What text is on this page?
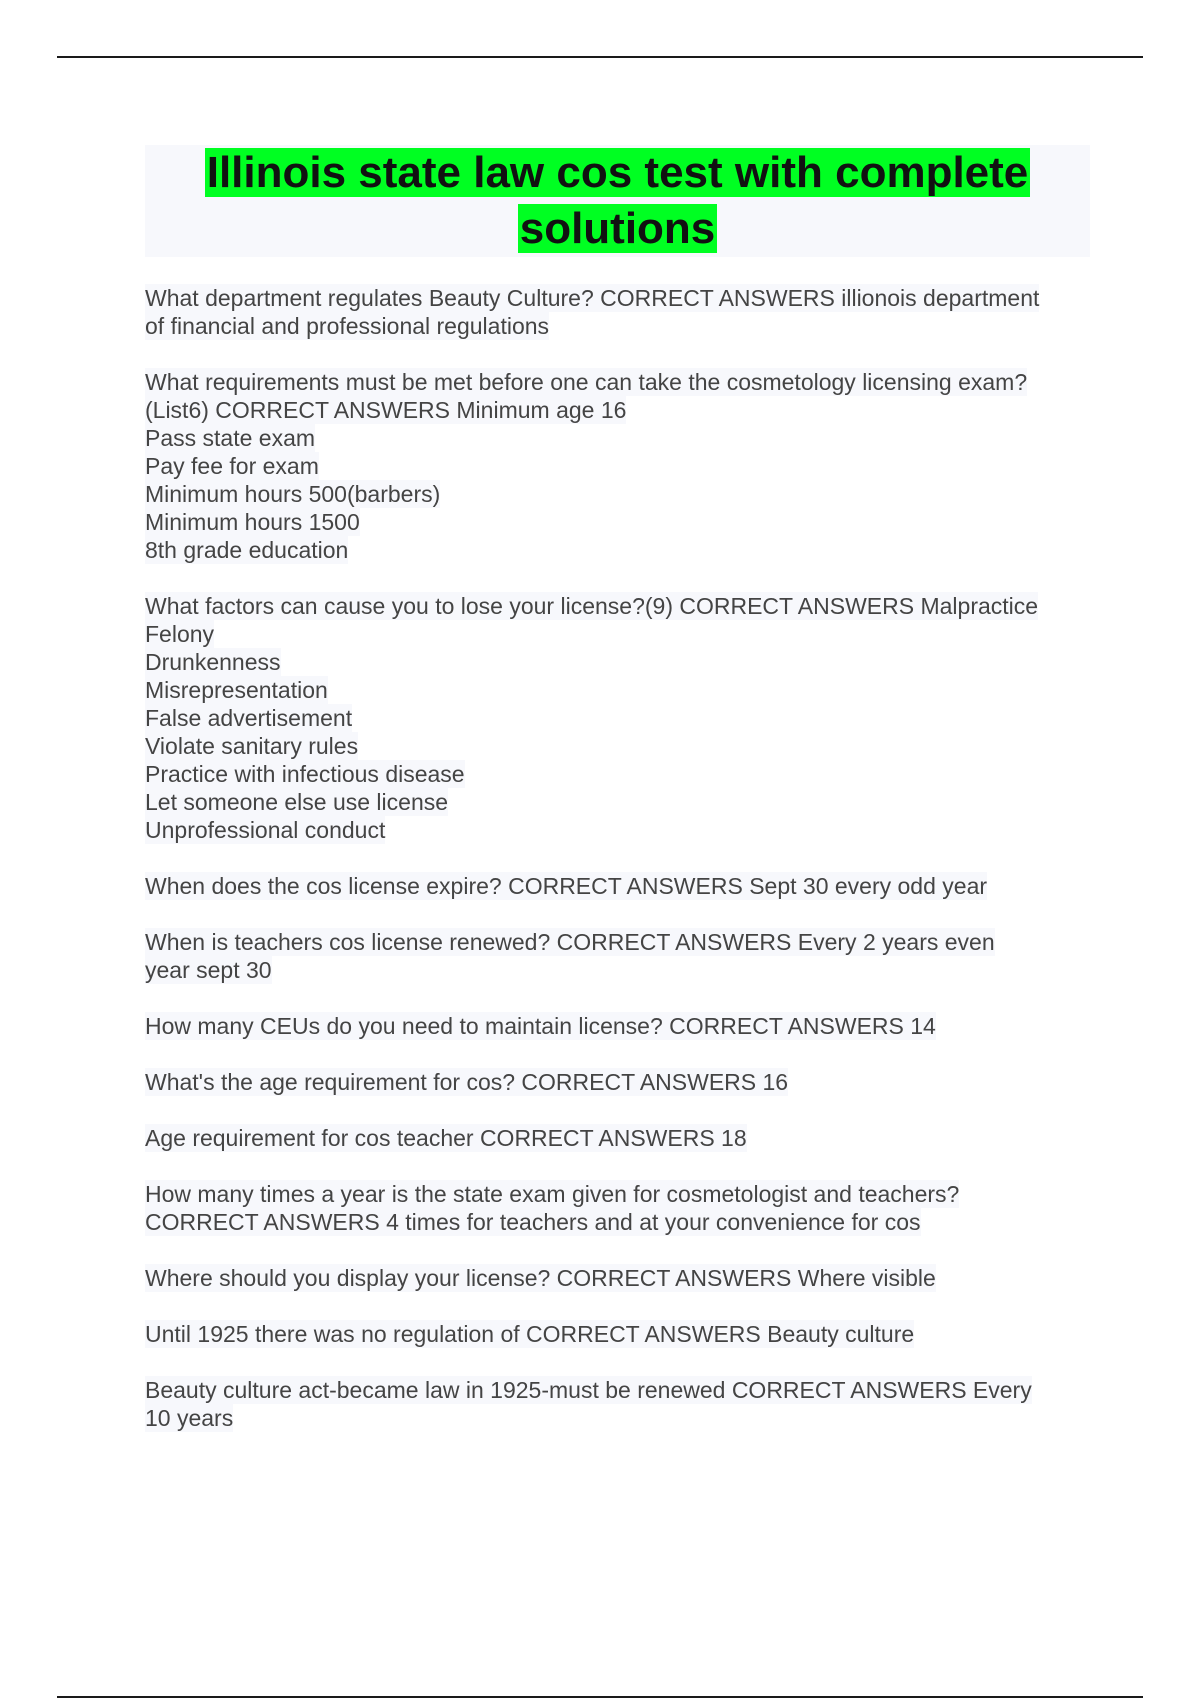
Illinois state law cos test with complete
solutions
What department regulates Beauty Culture? CORRECT ANSWERS illionois department
of financial and professional regulations
What requirements must be met before one can take the cosmetology licensing exam?
(List6) CORRECT ANSWERS Minimum age 16
Pass state exam
Pay fee for exam
Minimum hours 500(barbers)
Minimum hours 1500
8th grade education
What factors can cause you to lose your license?(9) CORRECT ANSWERS Malpractice
Felony
Drunkenness
Misrepresentation
False advertisement
Violate sanitary rules
Practice with infectious disease
Let someone else use license
Unprofessional conduct
When does the cos license expire? CORRECT ANSWERS Sept 30 every odd year
When is teachers cos license renewed? CORRECT ANSWERS Every 2 years even
year sept 30
How many CEUs do you need to maintain license? CORRECT ANSWERS 14
What's the age requirement for cos? CORRECT ANSWERS 16
Age requirement for cos teacher CORRECT ANSWERS 18
How many times a year is the state exam given for cosmetologist and teachers?
CORRECT ANSWERS 4 times for teachers and at your convenience for cos
Where should you display your license? CORRECT ANSWERS Where visible
Until 1925 there was no regulation of CORRECT ANSWERS Beauty culture
Beauty culture act-became law in 1925-must be renewed CORRECT ANSWERS Every
10 years
